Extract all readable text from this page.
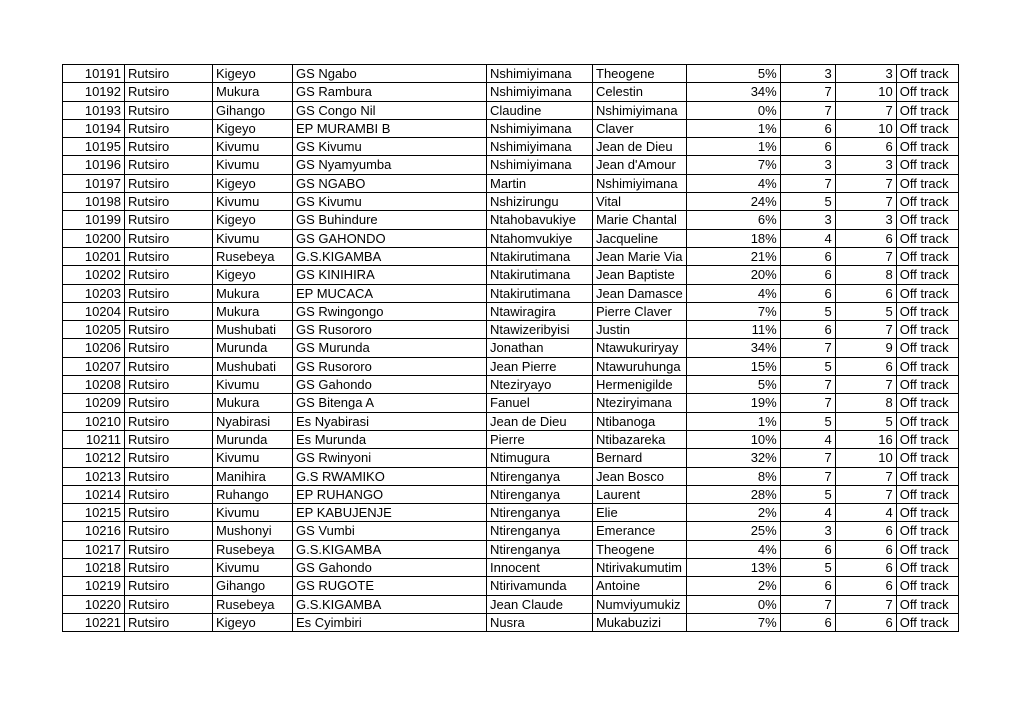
10191	Rutsiro	Kigeyo	GS Ngabo	Nshimiyimana	Theogene	5%	3	3	Off track
10192	Rutsiro	Mukura	GS Rambura	Nshimiyimana	Celestin	34%	7	10	Off track
10193	Rutsiro	Gihango	GS Congo Nil	Claudine	Nshimiyimana	0%	7	7	Off track
10194	Rutsiro	Kigeyo	EP MURAMBI B	Nshimiyimana	Claver	1%	6	10	Off track
10195	Rutsiro	Kivumu	GS Kivumu	Nshimiyimana	Jean de Dieu	1%	6	6	Off track
10196	Rutsiro	Kivumu	GS Nyamyumba	Nshimiyimana	Jean d'Amour	7%	3	3	Off track
10197	Rutsiro	Kigeyo	GS NGABO	Martin	Nshimiyimana	4%	7	7	Off track
10198	Rutsiro	Kivumu	GS Kivumu	Nshizirungu	Vital	24%	5	7	Off track
10199	Rutsiro	Kigeyo	GS Buhindure	Ntahobavukiye	Marie Chantal	6%	3	3	Off track
10200	Rutsiro	Kivumu	GS GAHONDO	Ntahomvukiye	Jacqueline	18%	4	6	Off track
10201	Rutsiro	Rusebeya	G.S.KIGAMBA	Ntakirutimana	Jean Marie Via	21%	6	7	Off track
10202	Rutsiro	Kigeyo	GS KINIHIRA	Ntakirutimana	Jean Baptiste	20%	6	8	Off track
10203	Rutsiro	Mukura	EP MUCACA	Ntakirutimana	Jean Damasce	4%	6	6	Off track
10204	Rutsiro	Mukura	GS Rwingongo	Ntawiragira	Pierre Claver	7%	5	5	Off track
10205	Rutsiro	Mushubati	GS Rusororo	Ntawizeribyisi	Justin	11%	6	7	Off track
10206	Rutsiro	Murunda	GS Murunda	Jonathan	Ntawukuriryay	34%	7	9	Off track
10207	Rutsiro	Mushubati	GS Rusororo	Jean Pierre	Ntawuruhunga	15%	5	6	Off track
10208	Rutsiro	Kivumu	GS Gahondo	Nteziryayo	Hermenigilde	5%	7	7	Off track
10209	Rutsiro	Mukura	GS Bitenga A	Fanuel	Nteziryimana	19%	7	8	Off track
10210	Rutsiro	Nyabirasi	Es Nyabirasi	Jean de Dieu	Ntibanoga	1%	5	5	Off track
10211	Rutsiro	Murunda	Es Murunda	Pierre	Ntibazareka	10%	4	16	Off track
10212	Rutsiro	Kivumu	GS Rwinyoni	Ntimugura	Bernard	32%	7	10	Off track
10213	Rutsiro	Manihira	G.S RWAMIKO	Ntirenganya	Jean Bosco	8%	7	7	Off track
10214	Rutsiro	Ruhango	EP RUHANGO	Ntirenganya	Laurent	28%	5	7	Off track
10215	Rutsiro	Kivumu	EP KABUJENJE	Ntirenganya	Elie	2%	4	4	Off track
10216	Rutsiro	Mushonyi	GS Vumbi	Ntirenganya	Emerance	25%	3	6	Off track
10217	Rutsiro	Rusebeya	G.S.KIGAMBA	Ntirenganya	Theogene	4%	6	6	Off track
10218	Rutsiro	Kivumu	GS Gahondo	Innocent	Ntirivakumutim	13%	5	6	Off track
10219	Rutsiro	Gihango	GS RUGOTE	Ntirivamunda	Antoine	2%	6	6	Off track
10220	Rutsiro	Rusebeya	G.S.KIGAMBA	Jean Claude	Numviyumukiz	0%	7	7	Off track
10221	Rutsiro	Kigeyo	Es Cyimbiri	Nusra	Mukabuzizi	7%	6	6	Off track
